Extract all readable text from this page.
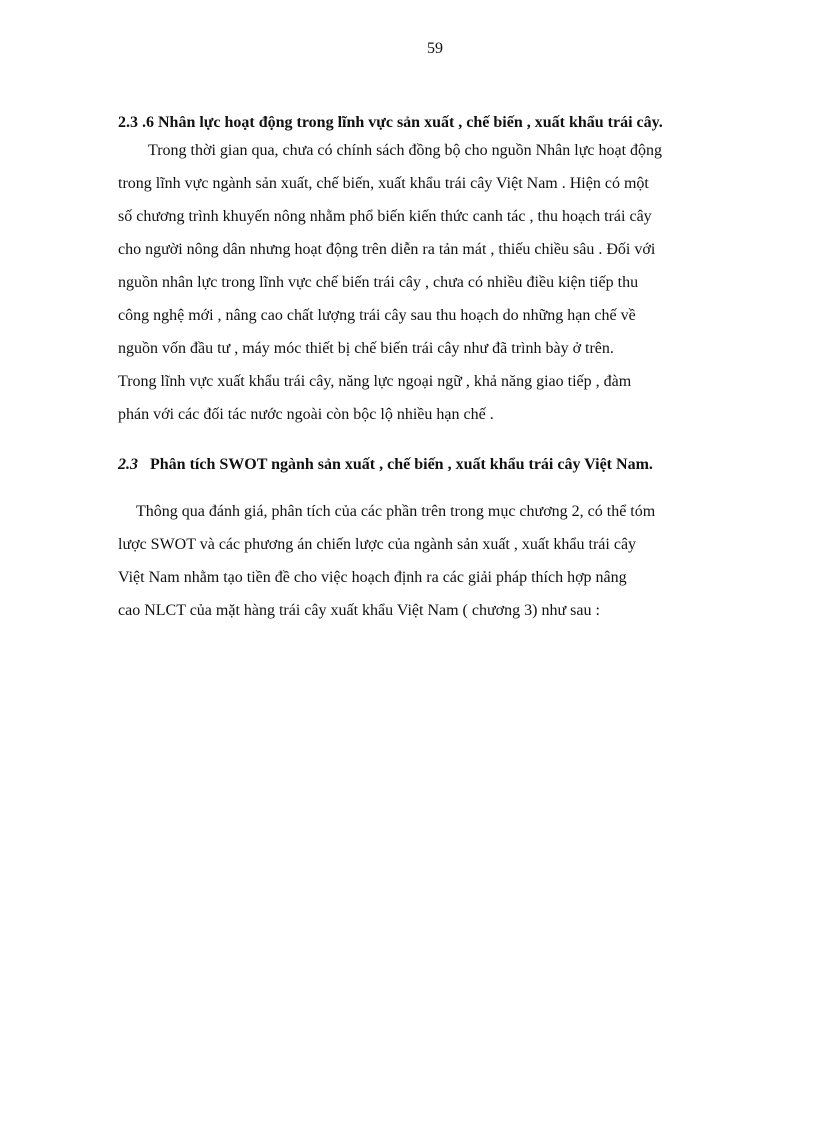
59
2.3 .6 Nhân lực hoạt động trong lĩnh vực sản xuất , chế biến , xuất khẩu trái cây.
Trong thời gian qua, chưa có chính sách đồng bộ cho nguồn Nhân lực hoạt động
trong lĩnh vực ngành sản xuất, chế biến, xuất khẩu trái cây Việt Nam . Hiện có một
số chương trình khuyến nông nhằm phổ biến kiến thức canh tác , thu hoạch trái cây
cho người nông dân nhưng hoạt động trên diễn ra tản mát , thiếu chiều sâu . Đối với
nguồn nhân lực trong lĩnh vực chế biến trái cây , chưa có nhiều điều kiện tiếp thu
công nghệ mới , nâng cao chất lượng trái cây sau thu hoạch do những hạn chế về
nguồn vốn đầu tư , máy móc thiết bị chế biến trái cây như đã trình bày ở trên.
Trong lĩnh vực xuất khẩu trái cây, năng lực ngoại ngữ , khả năng giao tiếp , đàm
phán với các đối tác nước ngoài còn bộc lộ nhiều hạn chế .
2.3 Phân tích SWOT ngành sản xuất , chế biến , xuất khẩu trái cây Việt Nam.
Thông qua đánh giá, phân tích của các phần trên trong mục chương 2, có thể tóm
lược SWOT và các phương án chiến lược của ngành sản xuất , xuất khẩu trái cây
Việt Nam nhằm tạo tiền đề cho việc hoạch định ra các giải pháp thích hợp nâng
cao NLCT của mặt hàng trái cây xuất khẩu Việt Nam ( chương 3) như sau :
